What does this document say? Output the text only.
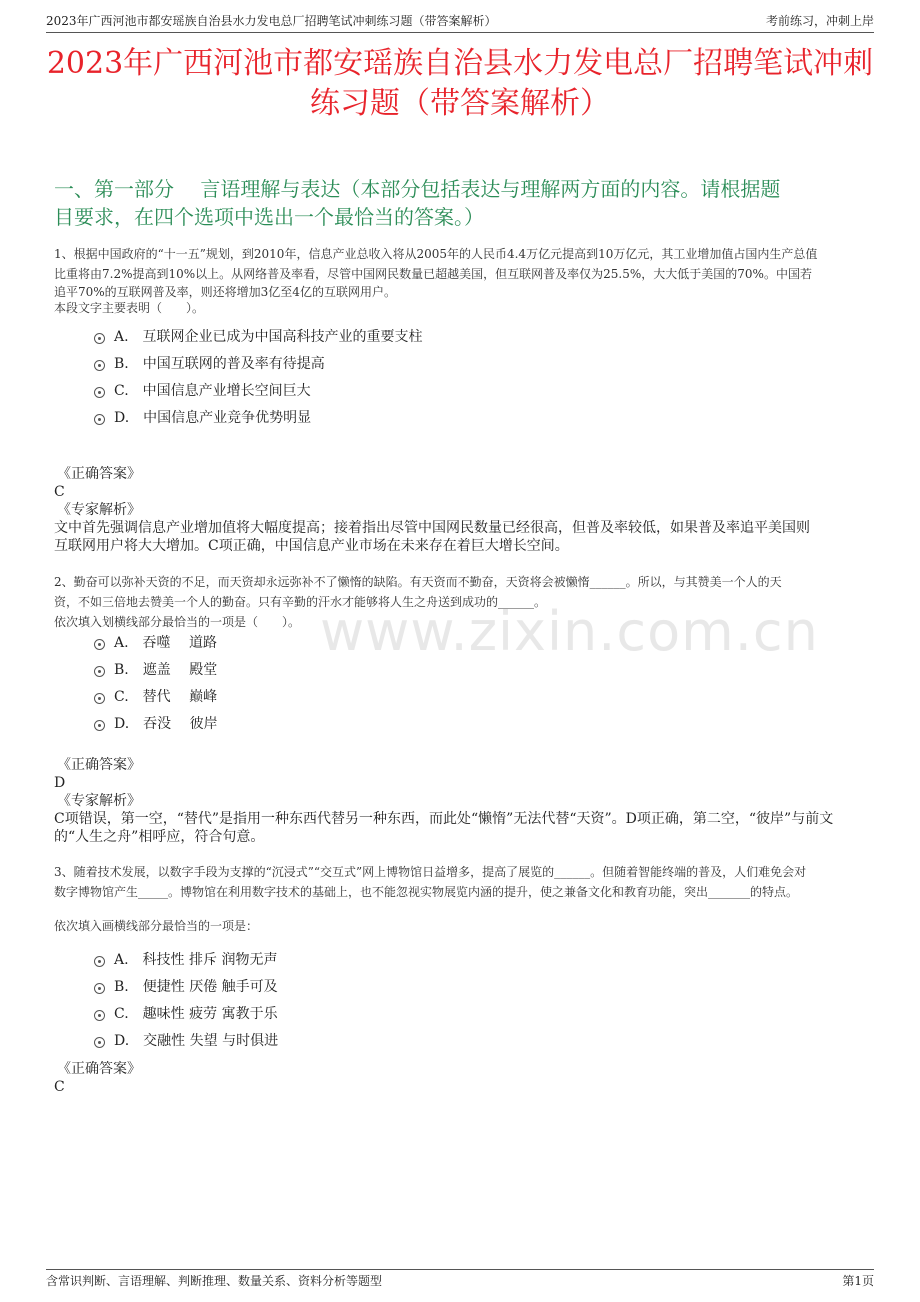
2023年广西河池市都安瑶族自治县水力发电总厂招聘笔试冲刺练习题（带答案解析）	考前练习，冲刺上岸
2023年广西河池市都安瑶族自治县水力发电总厂招聘笔试冲刺
练习题（带答案解析）
一、第一部分　 言语理解与表达（本部分包括表达与理解两方面的内容。请根据题
目要求，在四个选项中选出一个最恰当的答案。）
www.zixin.com.cn
1、根据中国政府的“十一五”规划，到2010年，信息产业总收入将从2005年的人民币4.4万亿元提高到10万亿元，其工业增加值占国内生产总值
比重将由7.2%提高到10%以上。从网络普及率看，尽管中国网民数量已超越美国，但互联网普及率仅为25.5%，大大低于美国的70%。中国若
追平70%的互联网普及率，则还将增加3亿至4亿的互联网用户。
本段文字主要表明（　　）。
A.　互联网企业已成为中国高科技产业的重要支柱
B.　中国互联网的普及率有待提高
C.　中国信息产业增长空间巨大
D.　中国信息产业竞争优势明显
《正确答案》
C
《专家解析》
文中首先强调信息产业增加值将大幅度提高；接着指出尽管中国网民数量已经很高，但普及率较低，如果普及率追平美国则
互联网用户将大大增加。C项正确，中国信息产业市场在未来存在着巨大增长空间。
2、勤奋可以弥补天资的不足，而天资却永远弥补不了懒惰的缺陷。有天资而不勤奋，天资将会被懒惰______。所以，与其赞美一个人的天
资，不如三倍地去赞美一个人的勤奋。只有辛勤的汗水才能够将人生之舟送到成功的______。
依次填入划横线部分最恰当的一项是（　　）。
A.　吞噬　 道路
B.　遮盖　 殿堂
C.　替代　 巅峰
D.　吞没　 彼岸
《正确答案》
D
《专家解析》
C项错误，第一空，“替代”是指用一种东西代替另一种东西，而此处“懒惰”无法代替“天资”。D项正确，第二空，“彼岸”与前文
的“人生之舟”相呼应，符合句意。
3、随着技术发展，以数字手段为支撑的“沉浸式”“交互式”网上博物馆日益增多，提高了展览的______。但随着智能终端的普及，人们难免会对
数字博物馆产生_____。博物馆在利用数字技术的基础上，也不能忽视实物展览内涵的提升，使之兼备文化和教育功能，突出_______的特点。
依次填入画横线部分最恰当的一项是：
A.　科技性 排斥 润物无声
B.　便捷性 厌倦 触手可及
C.　趣味性 疲劳 寓教于乐
D.　交融性 失望 与时俱进
《正确答案》
C
含常识判断、言语理解、判断推理、数量关系、资料分析等题型	第1页
